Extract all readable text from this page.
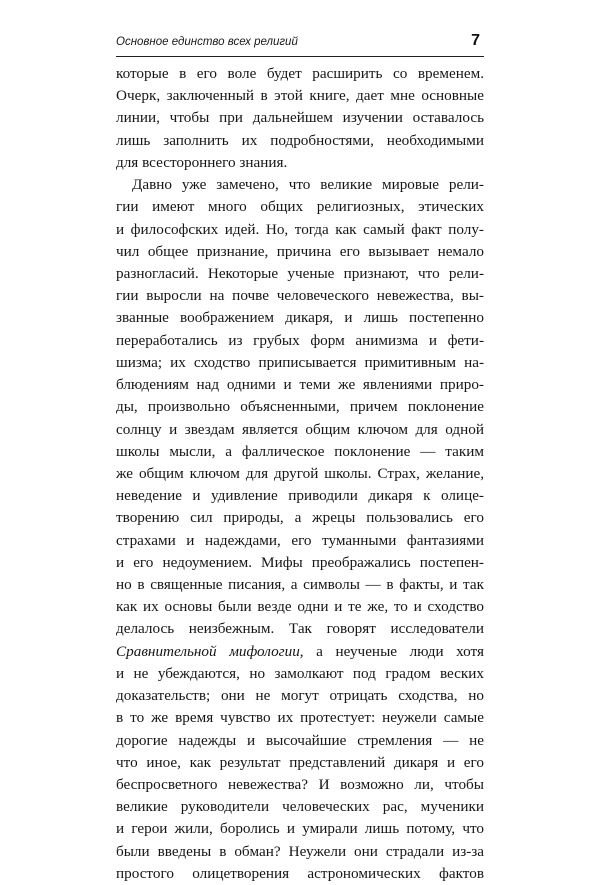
Основное единство всех религий	7
которые в его воле будет расширить со временем.
Очерк, заключенный в этой книге, дает мне основные
линии, чтобы при дальнейшем изучении оставалось
лишь заполнить их подробностями, необходимыми
для всестороннего знания.
Давно уже замечено, что великие мировые рели-
гии имеют много общих религиозных, этических
и философских идей. Но, тогда как самый факт полу-
чил общее признание, причина его вызывает немало
разногласий. Некоторые ученые признают, что рели-
гии выросли на почве человеческого невежества, вы-
званные воображением дикаря, и лишь постепенно
переработались из грубых форм анимизма и фети-
шизма; их сходство приписывается примитивным на-
блюдениям над одними и теми же явлениями приро-
ды, произвольно объясненными, причем поклонение
солнцу и звездам является общим ключом для одной
школы мысли, а фаллическое поклонение — таким
же общим ключом для другой школы. Страх, желание,
неведение и удивление приводили дикаря к олице-
творению сил природы, а жрецы пользовались его
страхами и надеждами, его туманными фантазиями
и его недоумением. Мифы преображались постепен-
но в священные писания, а символы — в факты, и так
как их основы были везде одни и те же, то и сходство
делалось неизбежным. Так говорят исследователи
Сравнительной мифологии, а неученые люди хотя
и не убеждаются, но замолкают под градом веских
доказательств; они не могут отрицать сходства, но
в то же время чувство их протестует: неужели самые
дорогие надежды и высочайшие стремления — не
что иное, как результат представлений дикаря и его
беспросветного невежества? И возможно ли, чтобы
великие руководители человеческих рас, мученики
и герои жили, боролись и умирали лишь потому, что
были введены в обман? Неужели они страдали из-за
простого олицетворения астрономических фактов
